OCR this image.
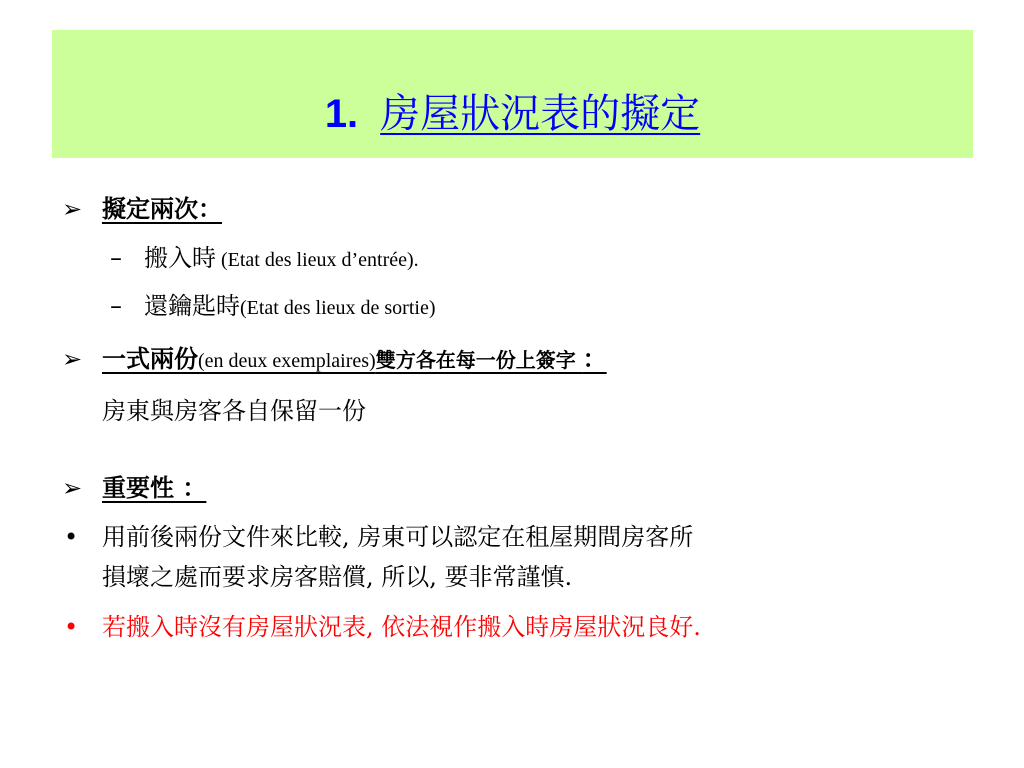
1. 房屋狀況表的擬定
➢ 擬定兩次：
– 搬入時 (Etat des lieux d’entrée).
– 還鑰匙時(Etat des lieux de sortie)
➢ 一式兩份(en deux exemplaires)雙方各在每一份上簽字 ：
房東與房客各自保留一份
➢ 重要性 ：
• 用前後兩份文件來比較, 房東可以認定在租屋期間房客所
損壞之處而要求房客賠償, 所以, 要非常謹慎.
• 若搬入時沒有房屋狀況表, 依法視作搬入時房屋狀況良好.
